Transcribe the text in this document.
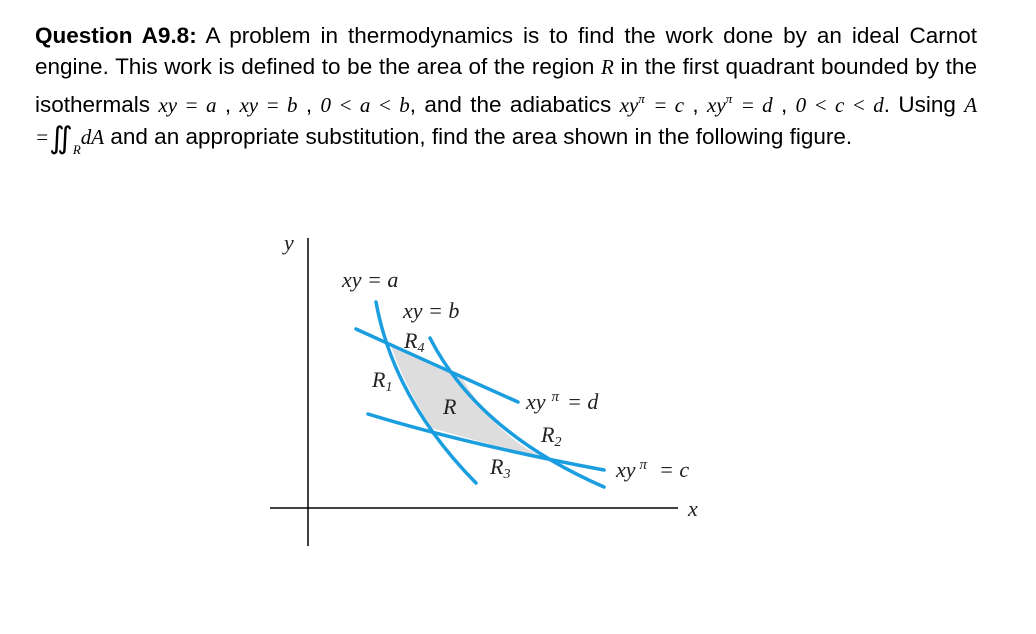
Question A9.8: A problem in thermodynamics is to find the work done by an ideal Carnot engine. This work is defined to be the area of the region R in the first quadrant bounded by the isothermals xy = a , xy = b , 0 < a < b, and the adiabatics $xy^\pi = c$ , $xy^\pi = d$ , 0 < c < d. Using $A =∬_RdA$ and an appropriate substitution, find the area shown in the following figure.
y
x
xy = a
xy = b
R4
R1
R
R2
R3
xy $^\pi$ = d
xy $^\pi$ = c
